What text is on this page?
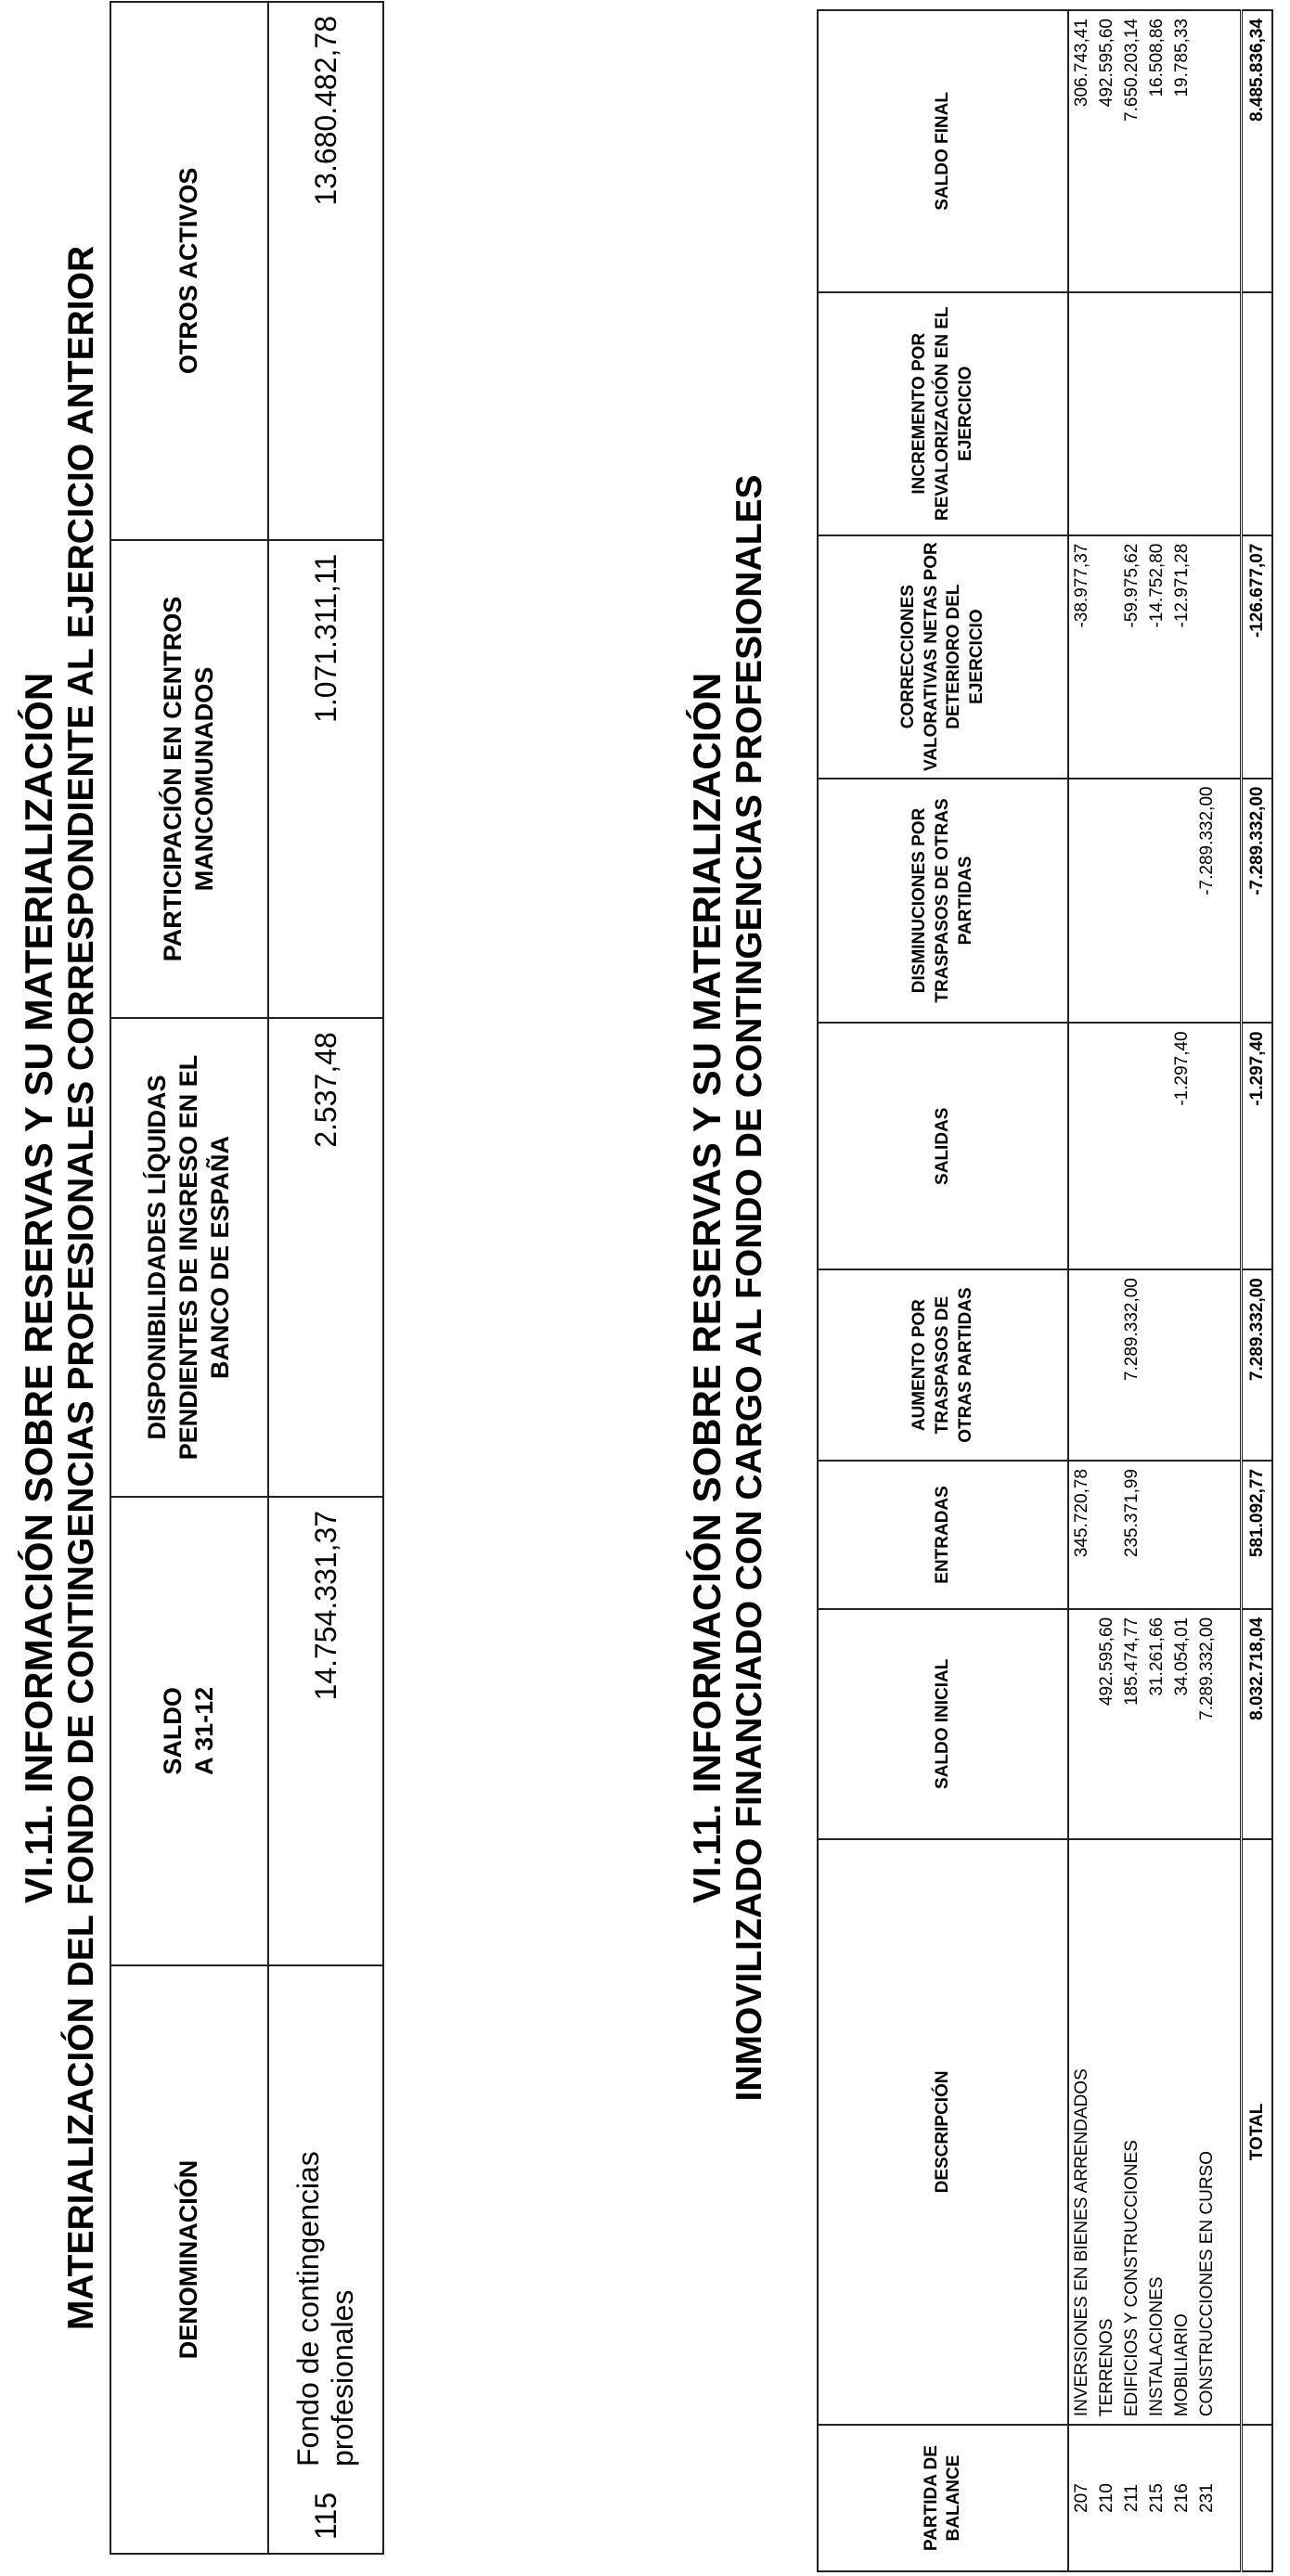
VI.11. INFORMACIÓN SOBRE RESERVAS Y SU MATERIALIZACIÓN MATERIALIZACIÓN DEL FONDO DE CONTINGENCIAS PROFESIONALES CORRESPONDIENTE AL EJERCICIO ANTERIOR	DENOMINACIÓN		SALDO A 31-12	DISPONIBILIDADES LÍQUIDAS PENDIENTES DE INGRESO EN EL BANCO DE ESPAÑA	PARTICIPACIÓN EN CENTROS MANCOMUNADOS	OTROS ACTIVOS
115	Fondo de contingencias profesionales	14.754.331,37	2.537,48	1.071.311,11	13.680.482,78
VI.11. INFORMACIÓN SOBRE RESERVAS Y SU MATERIALIZACIÓN INMOVILIZADO FINANCIADO CON CARGO AL FONDO DE CONTINGENCIAS PROFESIONALES
PARTIDA DE BALANCE	DESCRIPCIÓN	SALDO INICIAL	ENTRADAS	AUMENTO POR TRASPASOS DE OTRAS PARTIDAS	SALIDAS	DISMINUCIONES POR TRASPASOS DE OTRAS PARTIDAS	CORRECCIONES VALORATIVAS NETAS POR DETERIORO DEL EJERCICIO	INCREMENTO POR REVALORIZACIÓN EN EL EJERCICIO	SALDO FINAL
207	INVERSIONES EN BIENES ARRENDADOS		345.720,78				-38.977,37		306.743,41
210	TERRENOS	492.595,60							492.595,60
211	EDIFICIOS Y CONSTRUCCIONES	185.474,77	235.371,99	7.289.332,00			-59.975,62		7.650.203,14
215	INSTALACIONES	31.261,66					-14.752,80		16.508,86
216	MOBILIARIO	34.054,01			-1.297,40		-12.971,28		19.785,33
231	CONSTRUCCIONES EN CURSO	7.289.332,00				-7.289.332,00			

	TOTAL	8.032.718,04	581.092,77	7.289.332,00	-1.297,40	-7.289.332,00	-126.677,07		8.485.836,34
